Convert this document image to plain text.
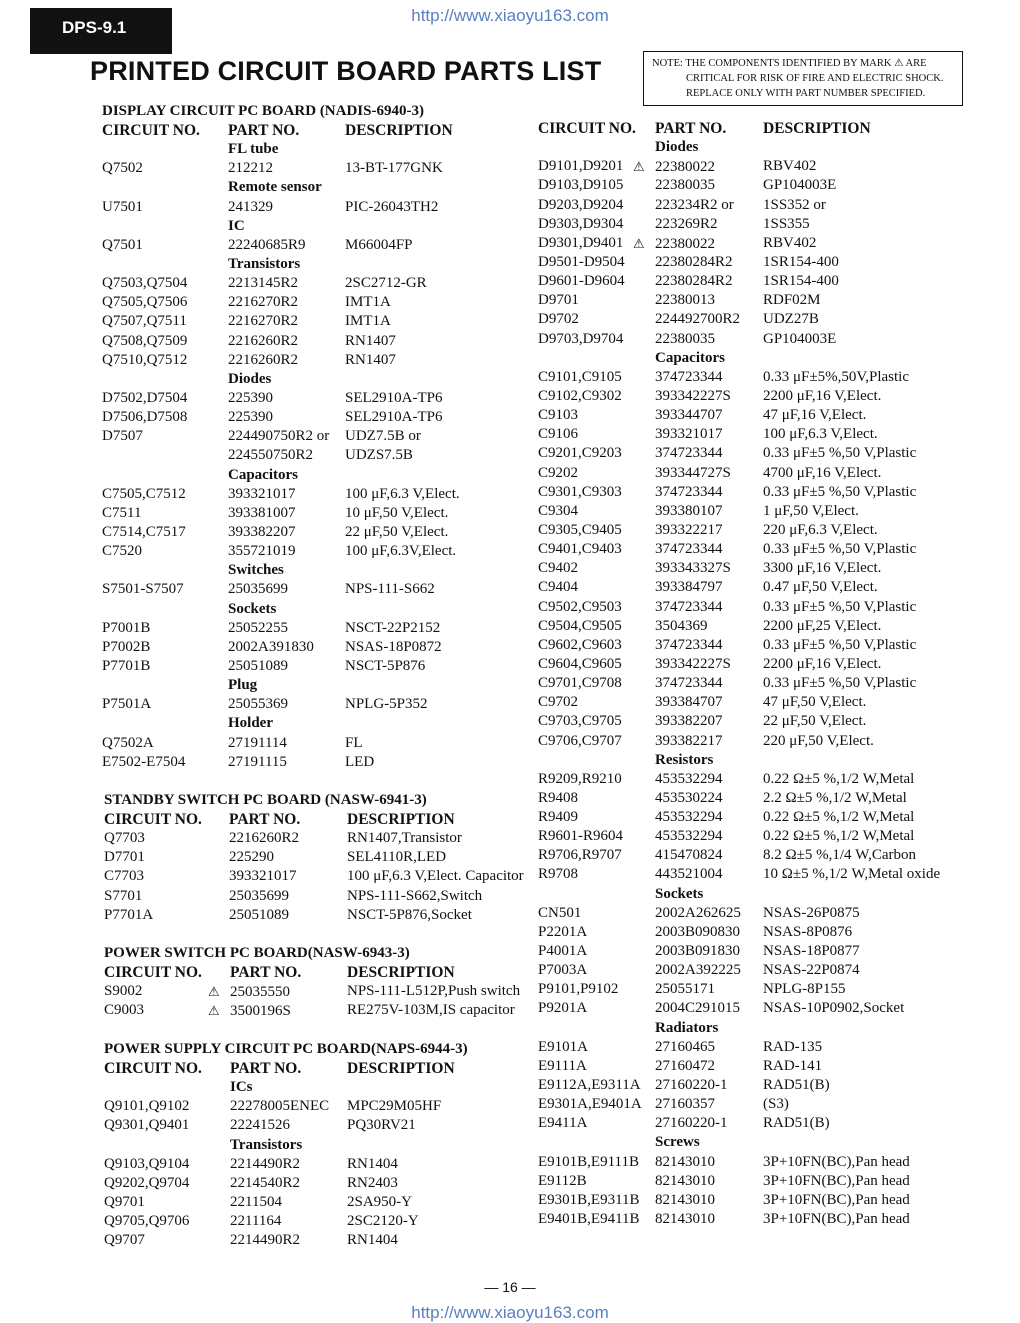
DPS-9.1
http://www.xiaoyu163.com
PRINTED CIRCUIT BOARD PARTS LIST	NOTE: THE COMPONENTS IDENTIFIED BY MARK ⚠ ARE
CRITICAL FOR RISK OF FIRE AND ELECTRIC SHOCK.
REPLACE ONLY WITH PART NUMBER SPECIFIED.
DISPLAY CIRCUIT PC BOARD (NADIS-6940-3)
CIRCUIT NO. PART NO.	DESCRIPTION
FL tube
Q7502	212212	13-BT-177GNK
Remote sensor
U7501	241329	PIC-26043TH2
IC
Q7501	22240685R9	M66004FP
Transistors
Q7503,Q7504	2213145R2	2SC2712-GR
Q7505,Q7506	2216270R2	IMT1A
Q7507,Q7511	2216270R2	IMT1A
Q7508,Q7509	2216260R2	RN1407
Q7510,Q7512	2216260R2	RN1407
Diodes
D7502,D7504	225390	SEL2910A-TP6
D7506,D7508	225390	SEL2910A-TP6
D7507	224490750R2 or UDZ7.5B or
224550750R2 UDZS7.5B
Capacitors
C7505,C7512	393321017	100 μF,6.3 V,Elect.
C7511	393381007	10 μF,50 V,Elect.
C7514,C7517	393382207	22 μF,50 V,Elect.
C7520	355721019	100 μF,6.3V,Elect.
Switches
S7501-S7507	25035699	NPS-111-S662
Sockets
P7001B	25052255	NSCT-22P2152
P7002B	2002A391830 NSAS-18P0872
P7701B	25051089	NSCT-5P876
Plug
P7501A	25055369	NPLG-5P352
Holder
Q7502A	27191114	FL
E7502-E7504	27191115	LED
STANDBY SWITCH PC BOARD (NASW-6941-3)
CIRCUIT NO. PART NO.	DESCRIPTION
Q7703	2216260R2	RN1407,Transistor
D7701	225290	SEL4110R,LED
C7703	393321017	100 μF,6.3 V,Elect. Capacitor
S7701	25035699	NPS-111-S662,Switch
P7701A	25051089	NSCT-5P876,Socket
POWER SWITCH PC BOARD(NASW-6943-3)
CIRCUIT NO. PART NO.	DESCRIPTION
S9002	⚠ 25035550	NPS-111-L512P,Push switch
C9003	⚠ 3500196S	RE275V-103M,IS capacitor
POWER SUPPLY CIRCUIT PC BOARD(NAPS-6944-3)
CIRCUIT NO. PART NO.	DESCRIPTION
ICs
Q9101,Q9102	22278005ENEC MPC29M05HF
Q9301,Q9401	22241526	PQ30RV21
Transistors
Q9103,Q9104	2214490R2	RN1404
Q9202,Q9704	2214540R2	RN2403
Q9701	2211504	2SA950-Y
Q9705,Q9706	2211164	2SC2120-Y
Q9707	2214490R2	RN1404
CIRCUIT NO. PART NO. DESCRIPTION
Diodes
D9101,D9201 ⚠ 22380022	RBV402
D9103,D9105 22380035	GP104003E
D9203,D9204 223234R2 or 1SS352 or
D9303,D9304 223269R2	1SS355
D9301,D9401 ⚠ 22380022	RBV402
D9501-D9504 22380284R2 1SR154-400
D9601-D9604 22380284R2 1SR154-400
D9701	22380013	RDF02M
D9702	224492700R2 UDZ27B
D9703,D9704 22380035	GP104003E
Capacitors
C9101,C9105 374723344	0.33 μF±5%,50V,Plastic
C9102,C9302 393342227S 2200 μF,16 V,Elect.
C9103	393344707	47 μF,16 V,Elect.
C9106	393321017	100 μF,6.3 V,Elect.
C9201,C9203 374723344	0.33 μF±5 %,50 V,Plastic
C9202	393344727S 4700 μF,16 V,Elect.
C9301,C9303 374723344	0.33 μF±5 %,50 V,Plastic
C9304	393380107	1 μF,50 V,Elect.
C9305,C9405 393322217	220 μF,6.3 V,Elect.
C9401,C9403 374723344	0.33 μF±5 %,50 V,Plastic
C9402	393343327S 3300 μF,16 V,Elect.
C9404	393384797	0.47 μF,50 V,Elect.
C9502,C9503 374723344	0.33 μF±5 %,50 V,Plastic
C9504,C9505 3504369	2200 μF,25 V,Elect.
C9602,C9603 374723344	0.33 μF±5 %,50 V,Plastic
C9604,C9605 393342227S 2200 μF,16 V,Elect.
C9701,C9708 374723344	0.33 μF±5 %,50 V,Plastic
C9702	393384707	47 μF,50 V,Elect.
C9703,C9705 393382207	22 μF,50 V,Elect.
C9706,C9707 393382217	220 μF,50 V,Elect.
Resistors
R9209,R9210 453532294	0.22 Ω±5 %,1/2 W,Metal
R9408	453530224	2.2 Ω±5 %,1/2 W,Metal
R9409	453532294	0.22 Ω±5 %,1/2 W,Metal
R9601-R9604 453532294	0.22 Ω±5 %,1/2 W,Metal
R9706,R9707 415470824	8.2 Ω±5 %,1/4 W,Carbon
R9708	443521004	10 Ω±5 %,1/2 W,Metal oxide
Sockets
CN501	2002A262625 NSAS-26P0875
P2201A	2003B090830 NSAS-8P0876
P4001A	2003B091830 NSAS-18P0877
P7003A	2002A392225 NSAS-22P0874
P9101,P9102 25055171	NPLG-8P155
P9201A	2004C291015 NSAS-10P0902,Socket
Radiators
E9101A	27160465	RAD-135
E9111A	27160472	RAD-141
E9112A,E9311A 27160220-1 RAD51(B)
E9301A,E9401A 27160357	(S3)
E9411A	27160220-1 RAD51(B)
Screws
E9101B,E9111B 82143010	3P+10FN(BC),Pan head
E9112B	82143010	3P+10FN(BC),Pan head
E9301B,E9311B 82143010	3P+10FN(BC),Pan head
E9401B,E9411B 82143010	3P+10FN(BC),Pan head
— 16 —
http://www.xiaoyu163.com
